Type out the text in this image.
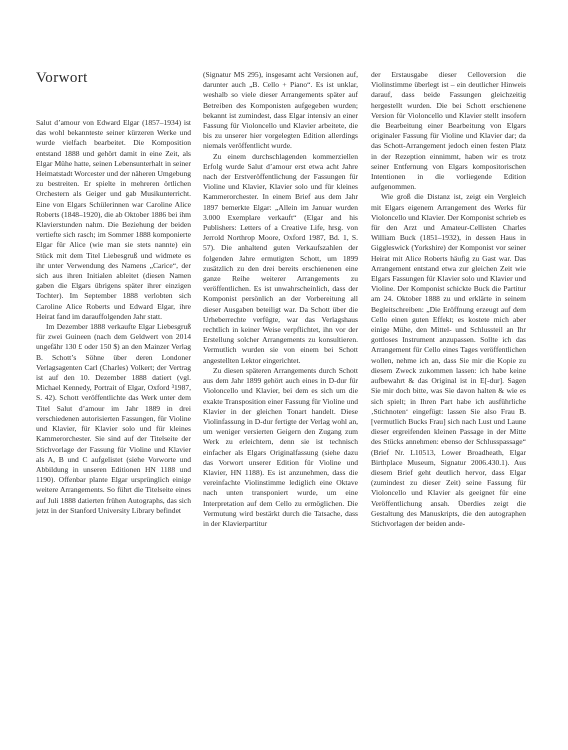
Vorwort

Salut d’amour von Edward Elgar (1857–1934) ist das wohl bekannteste seiner kürzeren Werke und wurde vielfach bearbeitet. Die Komposition entstand 1888 und gehört damit in eine Zeit, als Elgar Mühe hatte, seinen Lebensunterhalt in seiner Heimatstadt Worcester und der näheren Umgebung zu bestreiten. Er spielte in mehreren örtlichen Orchestern als Geiger und gab Musikunterricht. Eine von Elgars Schülerinnen war Caroline Alice Roberts (1848–1920), die ab Oktober 1886 bei ihm Klavierstunden nahm. Die Beziehung der beiden vertiefte sich rasch; im Sommer 1888 komponierte Elgar für Alice (wie man sie stets nannte) ein Stück mit dem Titel Liebesgruß und widmete es ihr unter Verwendung des Namens „Carice“, der sich aus ihren Initialen ableitet (diesen Namen gaben die Elgars übrigens später ihrer einzigen Tochter). Im September 1888 verlobten sich Caroline Alice Roberts und Edward Elgar, ihre Heirat fand im darauffolgenden Jahr statt.

Im Dezember 1888 verkaufte Elgar Liebesgruß für zwei Guineen (nach dem Geldwert von 2014 ungefähr 130 £ oder 150 $) an den Mainzer Verlag B. Schott’s Söhne über deren Londoner Verlagsagenten Carl (Charles) Volkert; der Vertrag ist auf den 10. Dezember 1888 datiert (vgl. Michael Kennedy, Portrait of Elgar, Oxford ³1987, S. 42). Schott veröffentlichte das Werk unter dem Titel Salut d’amour im Jahr 1889 in drei verschiedenen autorisierten Fassungen, für Violine und Klavier, für Klavier solo und für kleines Kammerorchester. Sie sind auf der Titelseite der Stichvorlage der Fassung für Violine und Klavier als A, B und C aufgelistet (siehe Vorworte und Abbildung in unseren Editionen HN 1188 und 1190). Offenbar plante Elgar ursprünglich einige weitere Arrangements. So führt die Titelseite eines auf Juli 1888 datierten frühen Autographs, das sich jetzt in der Stanford University Library befindet

(Signatur MS 295), insgesamt acht Versionen auf, darunter auch „B. Cello + Piano“. Es ist unklar, weshalb so viele dieser Arrangements später auf Betreiben des Komponisten aufgegeben wurden; bekannt ist zumindest, dass Elgar intensiv an einer Fassung für Violoncello und Klavier arbeitete, die bis zu unserer hier vorgelegten Edition allerdings niemals veröffentlicht wurde.

Zu einem durchschlagenden kommerziellen Erfolg wurde Salut d’amour erst etwa acht Jahre nach der Erstveröffentlichung der Fassungen für Violine und Klavier, Klavier solo und für kleines Kammerorchester. In einem Brief aus dem Jahr 1897 bemerkte Elgar: „Allein im Januar wurden 3.000 Exemplare verkauft“ (Elgar and his Publishers: Letters of a Creative Life, hrsg. von Jerrold Northrop Moore, Oxford 1987, Bd. 1, S. 57). Die anhaltend guten Verkaufszahlen der folgenden Jahre ermutigten Schott, um 1899 zusätzlich zu den drei bereits erschienenen eine ganze Reihe weiterer Arrangements zu veröffentlichen. Es ist unwahrscheinlich, dass der Komponist persönlich an der Vorbereitung all dieser Ausgaben beteiligt war. Da Schott über die Urheberrechte verfügte, war das Verlagshaus rechtlich in keiner Weise verpflichtet, ihn vor der Erstellung solcher Arrangements zu konsultieren. Vermutlich wurden sie von einem bei Schott angestellten Lektor eingerichtet.

Zu diesen späteren Arrangements durch Schott aus dem Jahr 1899 gehört auch eines in D-dur für Violoncello und Klavier, bei dem es sich um die exakte Transposition einer Fassung für Violine und Klavier in der gleichen Tonart handelt. Diese Violinfassung in D-dur fertigte der Verlag wohl an, um weniger versierten Geigern den Zugang zum Werk zu erleichtern, denn sie ist technisch einfacher als Elgars Originalfassung (siehe dazu das Vorwort unserer Edition für Violine und Klavier, HN 1188). Es ist anzunehmen, dass die vereinfachte Violinstimme lediglich eine Oktave nach unten transponiert wurde, um eine Interpretation auf dem Cello zu ermöglichen. Die Vermutung wird bestärkt durch die Tatsache, dass in der Klavierpartitur

der Erstausgabe dieser Celloversion die Violinstimme überlegt ist – ein deutlicher Hinweis darauf, dass beide Fassungen gleichzeitig hergestellt wurden. Die bei Schott erschienene Version für Violoncello und Klavier stellt insofern die Bearbeitung einer Bearbeitung von Elgars originaler Fassung für Violine und Klavier dar; da das Schott-Arrangement jedoch einen festen Platz in der Rezeption einnimmt, haben wir es trotz seiner Entfernung von Elgars kompositorischen Intentionen in die vorliegende Edition aufgenommen.

Wie groß die Distanz ist, zeigt ein Vergleich mit Elgars eigenem Arrangement des Werks für Violoncello und Klavier. Der Komponist schrieb es für den Arzt und Amateur-Cellisten Charles William Buck (1851–1932), in dessen Haus in Giggleswick (Yorkshire) der Komponist vor seiner Heirat mit Alice Roberts häufig zu Gast war. Das Arrangement entstand etwa zur gleichen Zeit wie Elgars Fassungen für Klavier solo und Klavier und Violine. Der Komponist schickte Buck die Partitur am 24. Oktober 1888 zu und erklärte in seinem Begleitschreiben: „Die Eröffnung erzeugt auf dem Cello einen guten Effekt; es kostete mich aber einige Mühe, den Mittel- und Schlussteil an Ihr gottloses Instrument anzupassen. Sollte ich das Arrangement für Cello eines Tages veröffentlichen wollen, nehme ich an, dass Sie mir die Kopie zu diesem Zweck zukommen lassen: ich habe keine aufbewahrt & das Original ist in E[-dur]. Sagen Sie mir doch bitte, was Sie davon halten & wie es sich spielt; in Ihren Part habe ich ausführliche ‚Stichnoten‘ eingefügt: lassen Sie also Frau B. [vermutlich Bucks Frau] sich nach Lust und Laune dieser ergreifenden kleinen Passage in der Mitte des Stücks annehmen: ebenso der Schlusspassage“ (Brief Nr. L10513, Lower Broadheath, Elgar Birthplace Museum, Signatur 2006.430.1). Aus diesem Brief geht deutlich hervor, dass Elgar (zumindest zu dieser Zeit) seine Fassung für Violoncello und Klavier als geeignet für eine Veröffentlichung ansah. Überdies zeigt die Gestaltung des Manuskripts, die den autographen Stichvorlagen der beiden ande-
